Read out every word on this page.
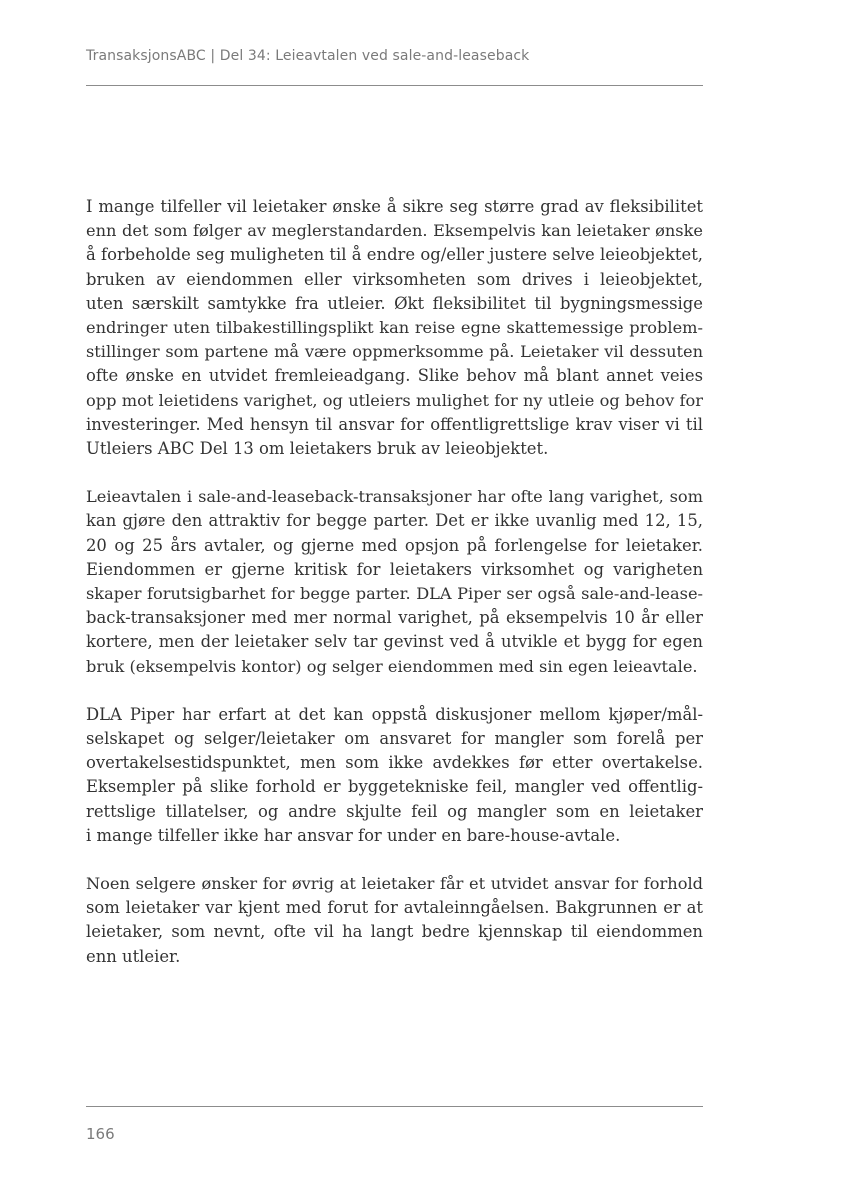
TransaksjonsABC | Del 34: Leieavtalen ved sale-and-leaseback

I mange tilfeller vil leietaker ønske å sikre seg større grad av fleksibilitet
enn det som følger av meglerstandarden. Eksempelvis kan leietaker ønske
å forbeholde seg muligheten til å endre og/eller justere selve leieobjektet,
bruken av eiendommen eller virksomheten som drives i leieobjektet,
uten særskilt samtykke fra utleier. Økt fleksibilitet til bygningsmessige
endringer uten tilbakestillingsplikt kan reise egne skattemessige problem-
stillinger som partene må være oppmerksomme på. Leietaker vil dessuten
ofte ønske en utvidet fremleieadgang. Slike behov må blant annet veies
opp mot leietidens varighet, og utleiers mulighet for ny utleie og behov for
investeringer. Med hensyn til ansvar for offentligrettslige krav viser vi til
Utleiers ABC Del 13 om leietakers bruk av leieobjektet.

Leieavtalen i sale-and-leaseback-transaksjoner har ofte lang varighet, som
kan gjøre den attraktiv for begge parter. Det er ikke uvanlig med 12, 15,
20 og 25 års avtaler, og gjerne med opsjon på forlengelse for leietaker.
Eiendommen er gjerne kritisk for leietakers virksomhet og varigheten
skaper forutsigbarhet for begge parter. DLA Piper ser også sale-and-lease-
back-transaksjoner med mer normal varighet, på eksempelvis 10 år eller
kortere, men der leietaker selv tar gevinst ved å utvikle et bygg for egen
bruk (eksempelvis kontor) og selger eiendommen med sin egen leieavtale.

DLA Piper har erfart at det kan oppstå diskusjoner mellom kjøper/mål-
selskapet og selger/leietaker om ansvaret for mangler som forelå per
overtakelsestidspunktet, men som ikke avdekkes før etter overtakelse.
Eksempler på slike forhold er byggetekniske feil, mangler ved offentlig-
rettslige tillatelser, og andre skjulte feil og mangler som en leietaker
i mange tilfeller ikke har ansvar for under en bare-house-avtale.

Noen selgere ønsker for øvrig at leietaker får et utvidet ansvar for forhold
som leietaker var kjent med forut for avtaleinngåelsen. Bakgrunnen er at
leietaker, som nevnt, ofte vil ha langt bedre kjennskap til eiendommen
enn utleier.

166
